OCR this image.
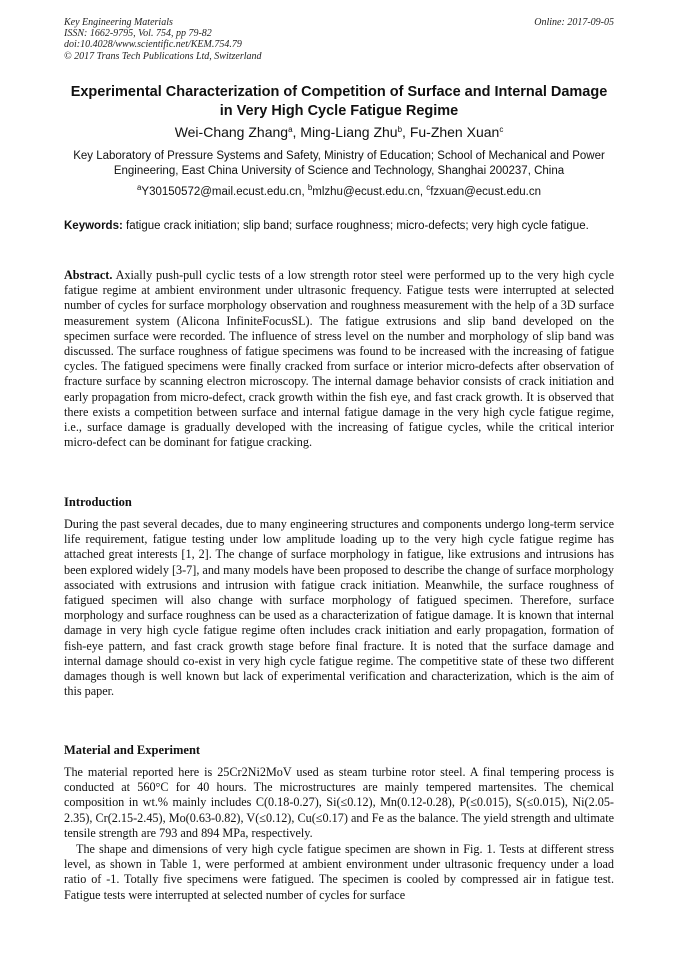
Key Engineering Materials
ISSN: 1662-9795, Vol. 754, pp 79-82
doi:10.4028/www.scientific.net/KEM.754.79
© 2017 Trans Tech Publications Ltd, Switzerland
Online: 2017-09-05
Experimental Characterization of Competition of Surface and Internal Damage in Very High Cycle Fatigue Regime
Wei-Chang Zhang$^a$, Ming-Liang Zhu$^b$, Fu-Zhen Xuan$^c$
Key Laboratory of Pressure Systems and Safety, Ministry of Education; School of Mechanical and Power Engineering, East China University of Science and Technology, Shanghai 200237, China
$^a$Y30150572@mail.ecust.edu.cn, $^b$mlzhu@ecust.edu.cn, $^c$fzxuan@ecust.edu.cn
Keywords: fatigue crack initiation; slip band; surface roughness; micro-defects; very high cycle fatigue.
Abstract. Axially push-pull cyclic tests of a low strength rotor steel were performed up to the very high cycle fatigue regime at ambient environment under ultrasonic frequency. Fatigue tests were interrupted at selected number of cycles for surface morphology observation and roughness measurement with the help of a 3D surface measurement system (Alicona InfiniteFocusSL). The fatigue extrusions and slip band developed on the specimen surface were recorded. The influence of stress level on the number and morphology of slip band was discussed. The surface roughness of fatigue specimens was found to be increased with the increasing of fatigue cycles. The fatigued specimens were finally cracked from surface or interior micro-defects after observation of fracture surface by scanning electron microscopy. The internal damage behavior consists of crack initiation and early propagation from micro-defect, crack growth within the fish eye, and fast crack growth. It is observed that there exists a competition between surface and internal fatigue damage in the very high cycle fatigue regime, i.e., surface damage is gradually developed with the increasing of fatigue cycles, while the critical interior micro-defect can be dominant for fatigue cracking.
Introduction
During the past several decades, due to many engineering structures and components undergo long-term service life requirement, fatigue testing under low amplitude loading up to the very high cycle fatigue regime has attached great interests [1, 2]. The change of surface morphology in fatigue, like extrusions and intrusions has been explored widely [3-7], and many models have been proposed to describe the change of surface morphology associated with extrusions and intrusion with fatigue crack initiation. Meanwhile, the surface roughness of fatigued specimen will also change with surface morphology of fatigued specimen. Therefore, surface morphology and surface roughness can be used as a characterization of fatigue damage. It is known that internal damage in very high cycle fatigue regime often includes crack initiation and early propagation, formation of fish-eye pattern, and fast crack growth stage before final fracture. It is noted that the surface damage and internal damage should co-exist in very high cycle fatigue regime. The competitive state of these two different damages though is well known but lack of experimental verification and characterization, which is the aim of this paper.
Material and Experiment
The material reported here is 25Cr2Ni2MoV used as steam turbine rotor steel. A final tempering process is conducted at 560°C for 40 hours. The microstructures are mainly tempered martensites. The chemical composition in wt.% mainly includes C(0.18-0.27), Si(≤0.12), Mn(0.12-0.28), P(≤0.015), S(≤0.015), Ni(2.05-2.35), Cr(2.15-2.45), Mo(0.63-0.82), V(≤0.12), Cu(≤0.17) and Fe as the balance. The yield strength and ultimate tensile strength are 793 and 894 MPa, respectively.
The shape and dimensions of very high cycle fatigue specimen are shown in Fig. 1. Tests at different stress level, as shown in Table 1, were performed at ambient environment under ultrasonic frequency under a load ratio of -1. Totally five specimens were fatigued. The specimen is cooled by compressed air in fatigue test. Fatigue tests were interrupted at selected number of cycles for surface
